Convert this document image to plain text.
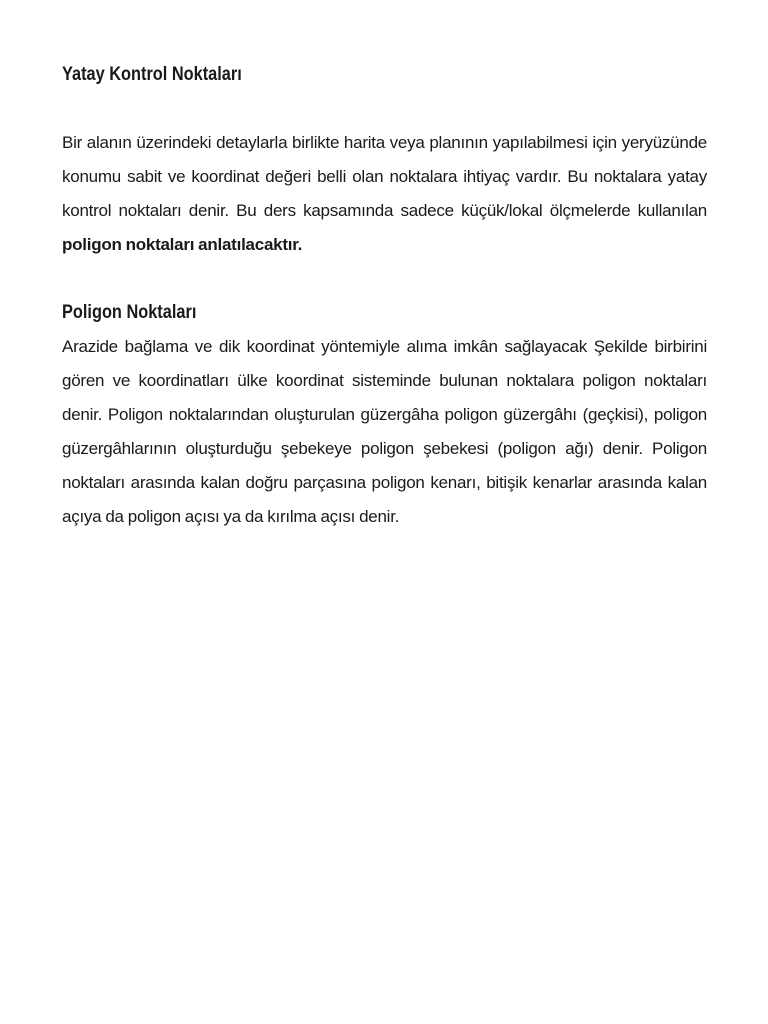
Yatay Kontrol Noktaları

Bir alanın üzerindeki detaylarla birlikte harita veya planının yapılabilmesi için yeryüzünde konumu sabit ve koordinat değeri belli olan noktalara ihtiyaç vardır. Bu noktalara yatay kontrol noktaları denir. Bu ders kapsamında sadece küçük/lokal ölçmelerde kullanılan poligon noktaları anlatılacaktır.

Poligon Noktaları

Arazide bağlama ve dik koordinat yöntemiyle alıma imkân sağlayacak Şekilde birbirini gören ve koordinatları ülke koordinat sisteminde bulunan noktalara poligon noktaları denir. Poligon noktalarından oluşturulan güzergâha poligon güzergâhı (geçkisi), poligon güzergâhlarının oluşturduğu şebekeye poligon şebekesi (poligon ağı) denir. Poligon noktaları arasında kalan doğru parçasına poligon kenarı, bitişik kenarlar arasında kalan açıya da poligon açısı ya da kırılma açısı denir.
